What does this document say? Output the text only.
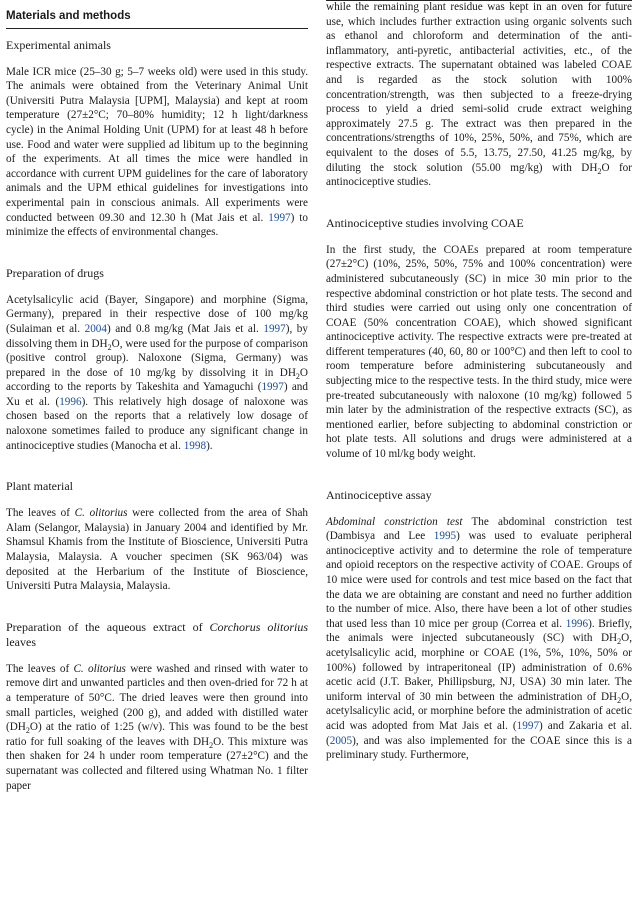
Materials and methods
Experimental animals

Male ICR mice (25–30 g; 5–7 weeks old) were used in this study. The animals were obtained from the Veterinary Animal Unit (Universiti Putra Malaysia [UPM], Malaysia) and kept at room temperature (27±2°C; 70–80% humidity; 12 h light/darkness cycle) in the Animal Holding Unit (UPM) for at least 48 h before use. Food and water were supplied ad libitum up to the beginning of the experiments. At all times the mice were handled in accordance with current UPM guidelines for the care of laboratory animals and the UPM ethical guidelines for investigations into experimental pain in conscious animals. All experiments were conducted between 09.30 and 12.30 h (Mat Jais et al. 1997) to minimize the effects of environmental changes.

Preparation of drugs

Acetylsalicylic acid (Bayer, Singapore) and morphine (Sigma, Germany), prepared in their respective dose of 100 mg/kg (Sulaiman et al. 2004) and 0.8 mg/kg (Mat Jais et al. 1997), by dissolving them in $DH_2O$, were used for the purpose of comparison (positive control group). Naloxone (Sigma, Germany) was prepared in the dose of 10 mg/kg by dissolving it in $DH_2O$ according to the reports by Takeshita and Yamaguchi (1997) and Xu et al. (1996). This relatively high dosage of naloxone was chosen based on the reports that a relatively low dosage of naloxone sometimes failed to produce any significant change in antinociceptive studies (Manocha et al. 1998).

Plant material

The leaves of C. olitorius were collected from the area of Shah Alam (Selangor, Malaysia) in January 2004 and identified by Mr. Shamsul Khamis from the Institute of Bioscience, Universiti Putra Malaysia, Malaysia. A voucher specimen (SK 963/04) was deposited at the Herbarium of the Institute of Bioscience, Universiti Putra Malaysia, Malaysia.

Preparation of the aqueous extract of Corchorus olitorius leaves

The leaves of C. olitorius were washed and rinsed with water to remove dirt and unwanted particles and then oven-dried for 72 h at a temperature of 50°C. The dried leaves were then ground into small particles, weighed (200 g), and added with distilled water $(DH_2O)$ at the ratio of 1:25 (w/v). This was found to be the best ratio for full soaking of the leaves with $DH_2O$. This mixture was then shaken for 24 h under room temperature (27±2°C) and the supernatant was collected and filtered using Whatman No. 1 filter paper

while the remaining plant residue was kept in an oven for future use, which includes further extraction using organic solvents such as ethanol and chloroform and determination of the anti-inflammatory, anti-pyretic, antibacterial activities, etc., of the respective extracts. The supernatant obtained was labeled COAE and is regarded as the stock solution with 100% concentration/strength, was then subjected to a freeze-drying process to yield a dried semi-solid crude extract weighing approximately 27.5 g. The extract was then prepared in the concentrations/strengths of 10%, 25%, 50%, and 75%, which are equivalent to the doses of 5.5, 13.75, 27.50, 41.25 mg/kg, by diluting the stock solution (55.00 mg/kg) with $DH_2O$ for antinociceptive studies.

Antinociceptive studies involving COAE

In the first study, the COAEs prepared at room temperature (27±2°C) (10%, 25%, 50%, 75% and 100% concentration) were administered subcutaneously (SC) in mice 30 min prior to the respective abdominal constriction or hot plate tests. The second and third studies were carried out using only one concentration of COAE (50% concentration COAE), which showed significant antinociceptive activity. The respective extracts were pre-treated at different temperatures (40, 60, 80 or 100°C) and then left to cool to room temperature before administering subcutaneously and subjecting mice to the respective tests. In the third study, mice were pre-treated subcutaneously with naloxone (10 mg/kg) followed 5 min later by the administration of the respective extracts (SC), as mentioned earlier, before subjecting to abdominal constriction or hot plate tests. All solutions and drugs were administered at a volume of 10 ml/kg body weight.

Antinociceptive assay

Abdominal constriction test The abdominal constriction test (Dambisya and Lee 1995) was used to evaluate peripheral antinociceptive activity and to determine the role of temperature and opioid receptors on the respective activity of COAE. Groups of 10 mice were used for controls and test mice based on the fact that the data we are obtaining are constant and need no further addition to the number of mice. Also, there have been a lot of other studies that used less than 10 mice per group (Correa et al. 1996). Briefly, the animals were injected subcutaneously (SC) with $DH_2O$, acetylsalicylic acid, morphine or COAE (1%, 5%, 10%, 50% or 100%) followed by intraperitoneal (IP) administration of 0.6% acetic acid (J.T. Baker, Phillipsburg, NJ, USA) 30 min later. The uniform interval of 30 min between the administration of $DH_2O$, acetylsalicylic acid, or morphine before the administration of acetic acid was adopted from Mat Jais et al. (1997) and Zakaria et al. (2005), and was also implemented for the COAE since this is a preliminary study. Furthermore,
